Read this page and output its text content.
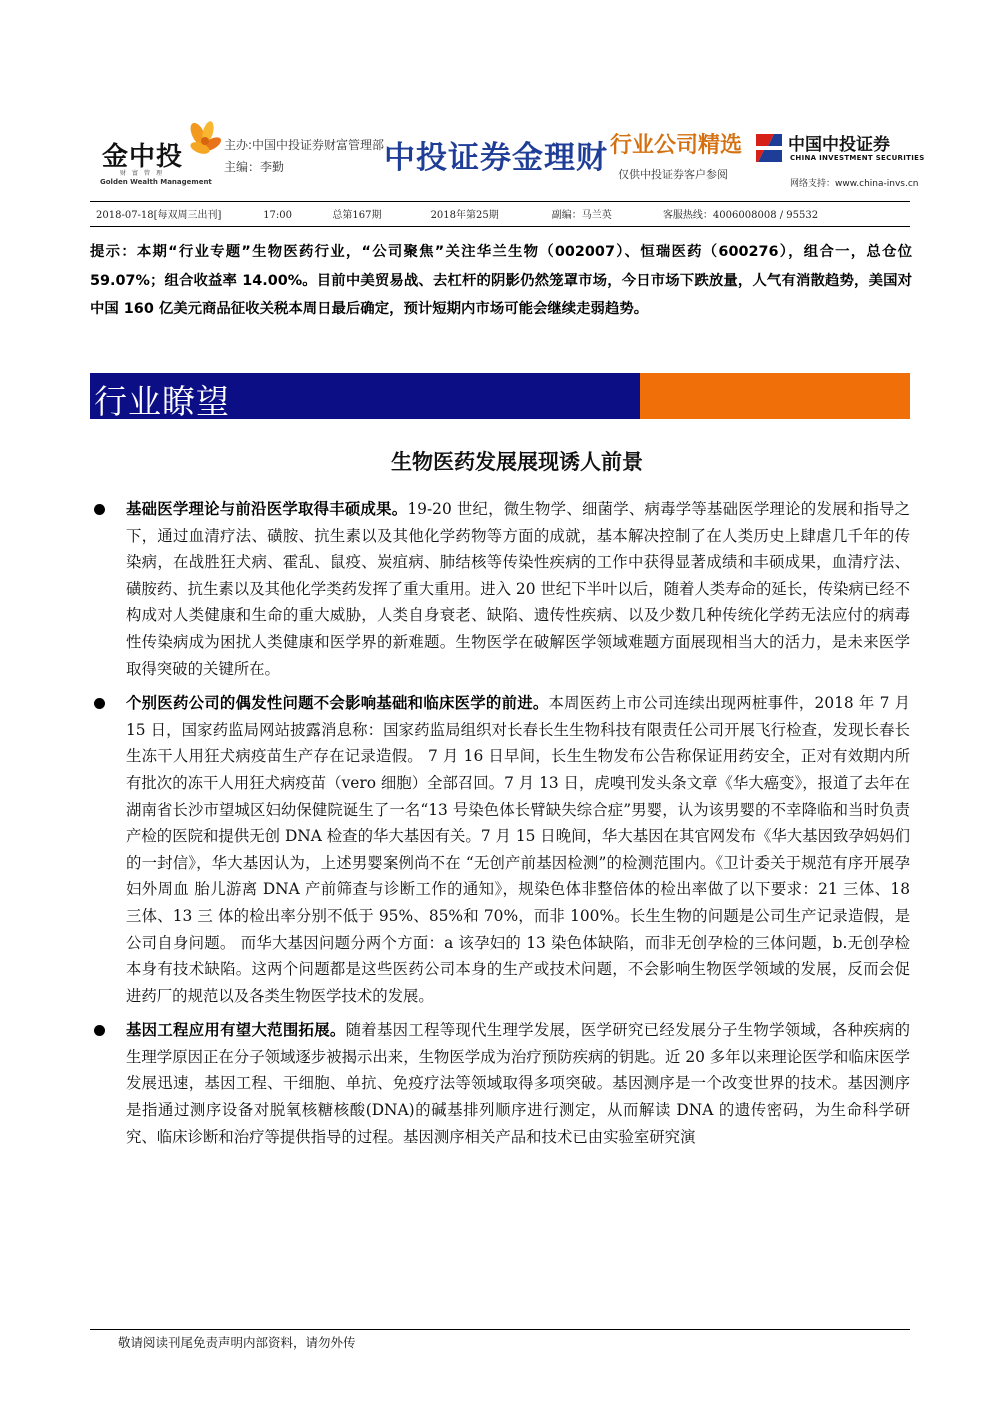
金中投
财富管理
Golden Wealth Management
主办:中国中投证券财富管理部
主编：李勤	中投证券金理财 行业公司精选
仅供中投证券客户参阅
中国中投证券
CHINA INVESTMENT SECURITIES
网络支持：www.china-invs.cn
2018-07-18[每双周三出刊]	17:00	总第167期	2018年第25期	副编：马兰英	客服热线：4006008008 / 95532
提示：本期“行业专题”生物医药行业，“公司聚焦”关注华兰生物（002007）、恒瑞医药（600276），组合一，总仓位 59.07%；组合收益率 14.00%。目前中美贸易战、去杠杆的阴影仍然笼罩市场，今日市场下跌放量，人气有消散趋势，美国对中国 160 亿美元商品征收关税本周日最后确定，预计短期内市场可能会继续走弱趋势。
行业瞭望
生物医药发展展现诱人前景
基础医学理论与前沿医学取得丰硕成果。19-20 世纪，微生物学、细菌学、病毒学等基础医学理论的发展和指导之下，通过血清疗法、磺胺、抗生素以及其他化学药物等方面的成就，基本解决控制了在人类历史上肆虐几千年的传染病，在战胜狂犬病、霍乱、鼠疫、炭疽病、肺结核等传染性疾病的工作中获得显著成绩和丰硕成果，血清疗法、磺胺药、抗生素以及其他化学类药发挥了重大重用。进入 20 世纪下半叶以后，随着人类寿命的延长，传染病已经不构成对人类健康和生命的重大威胁，人类自身衰老、缺陷、遗传性疾病、以及少数几种传统化学药无法应付的病毒性传染病成为困扰人类健康和医学界的新难题。生物医学在破解医学领域难题方面展现相当大的活力，是未来医学取得突破的关键所在。
个别医药公司的偶发性问题不会影响基础和临床医学的前进。本周医药上市公司连续出现两桩事件，2018 年 7 月 15 日，国家药监局网站披露消息称：国家药监局组织对长春长生生物科技有限责任公司开展飞行检查，发现长春长生冻干人用狂犬病疫苗生产存在记录造假。 7 月 16 日早间，长生生物发布公告称保证用药安全，正对有效期内所有批次的冻干人用狂犬病疫苗（vero 细胞）全部召回。7 月 13 日，虎嗅刊发头条文章《华大癌变》，报道了去年在湖南省长沙市望城区妇幼保健院诞生了一名“13 号染色体长臂缺失综合症”男婴，认为该男婴的不幸降临和当时负责产检的医院和提供无创 DNA 检查的华大基因有关。7 月 15 日晚间，华大基因在其官网发布《华大基因致孕妈妈们的一封信》，华大基因认为，上述男婴案例尚不在 “无创产前基因检测”的检测范围内。《卫计委关于规范有序开展孕妇外周血 胎儿游离 DNA 产前筛查与诊断工作的通知》，规染色体非整倍体的检出率做了以下要求：21 三体、18 三体、13 三 体的检出率分别不低于 95%、85%和 70%，而非 100%。长生生物的问题是公司生产记录造假，是公司自身问题。 而华大基因问题分两个方面：a 该孕妇的 13 染色体缺陷，而非无创孕检的三体问题，b.无创孕检本身有技术缺陷。这两个问题都是这些医药公司本身的生产或技术问题，不会影响生物医学领域的发展，反而会促进药厂的规范以及各类生物医学技术的发展。
基因工程应用有望大范围拓展。随着基因工程等现代生理学发展，医学研究已经发展分子生物学领域，各种疾病的生理学原因正在分子领域逐步被揭示出来，生物医学成为治疗预防疾病的钥匙。近 20 多年以来理论医学和临床医学发展迅速，基因工程、干细胞、单抗、免疫疗法等领域取得多项突破。基因测序是一个改变世界的技术。基因测序是指通过测序设备对脱氧核糖核酸(DNA)的碱基排列顺序进行测定，从而解读 DNA 的遗传密码，为生命科学研究、临床诊断和治疗等提供指导的过程。基因测序相关产品和技术已由实验室研究演
敬请阅读刊尾免责声明内部资料，请勿外传
